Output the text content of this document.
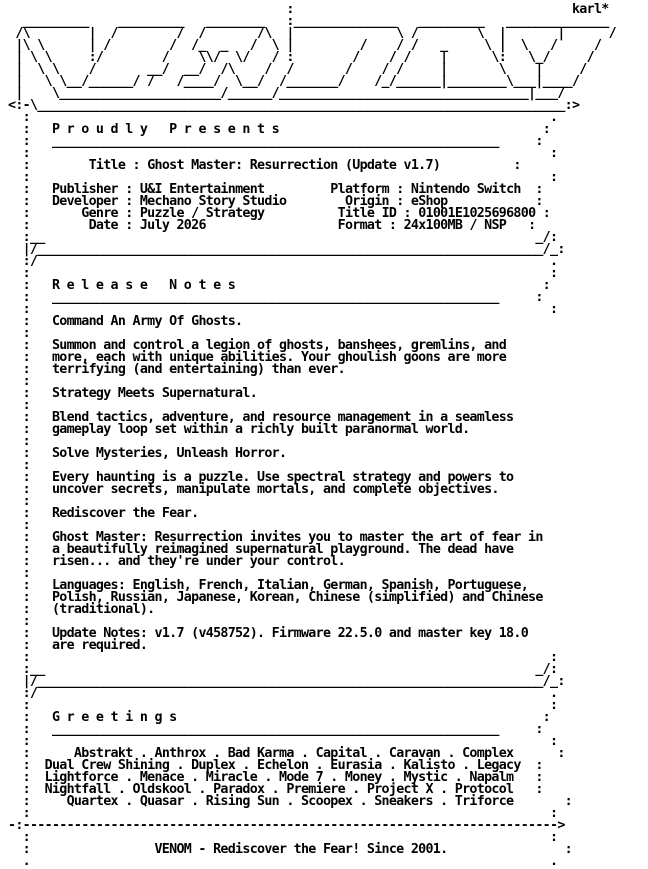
:                                      karl*
_________    _________   ________   :______________   _________   ______________
/\        |  /        /  /       /\  |              \ /        \  |       |      /
|\ \      | /        /  /_  _   /  \ |         /    / /   _     \ |  \   /     /
| \ \     :/        /    \\/  \/   / :        /    / /    |      \:   \_/     /
|  \ \    /       __/  __/  /\    /  /       /    / /     |       \    |     /
|   \ \__/______/ /   /____/  \__/  /_______/    /_/______|________\___|____/
|    \______________________/______/__________________________________|___/
<:-\________________________________________________________________________:>
:                                                                       .
:   P r o u d l y   P r e s e n t s                                    :
:   _____________________________________________________________     :
:                                                                       :
:        Title : Ghost Master: Resurrection (Update v1.7)          :
:                                                                       :
:   Publisher : U&I Entertainment	Platform : Nintendo Switch  :
:   Developer : Mechano Story Studio	Origin : eShop            :
:       Genre : Puzzle / Strategy	Title ID : 01001E1025696800 :
:        Date : July 2026	Format : 24x100MB / NSP   :
:__                                                                   _/:
|/_____________________________________________________________________/_:
:/                                                                      .
:                                                                       :
:   R e l e a s e   N o t e s                                          :
:   _____________________________________________________________     :
:                                                                       :
:   Command An Army Of Ghosts.
:
:   Summon and control a legion of ghosts, banshees, gremlins, and
:   more, each with unique abilities. Your ghoulish goons are more
:   terrifying (and entertaining) than ever.
:
:   Strategy Meets Supernatural.
:
:   Blend tactics, adventure, and resource management in a seamless
:   gameplay loop set within a richly built paranormal world.
:
:   Solve Mysteries, Unleash Horror.
:
:   Every haunting is a puzzle. Use spectral strategy and powers to
:   uncover secrets, manipulate mortals, and complete objectives.
:
:   Rediscover the Fear.
:
:   Ghost Master: Resurrection invites you to master the art of fear in
:   a beautifully reimagined supernatural playground. The dead have
:   risen... and they're under your control.
:
:   Languages: English, French, Italian, German, Spanish, Portuguese,
:   Polish, Russian, Japanese, Korean, Chinese (simplified) and Chinese
:   (traditional).
:
:   Update Notes: v1.7 (v458752). Firmware 22.5.0 and master key 18.0
:   are required.
:                                                                       :
:__                                                                   _/:
|/_____________________________________________________________________/_:
:/                                                                      .
:                                                                       :
:   G r e e t i n g s                                                  :
:   _____________________________________________________________     :
:                                                                       :
:      Abstrakt . Anthrox . Bad Karma . Capital . Caravan . Complex      :
:  Dual Crew Shining . Duplex . Echelon . Eurasia . Kalisto . Legacy  :
:  Lightforce . Menace . Miracle . Mode 7 . Money . Mystic . Napalm   :
:  Nightfall . Oldskool . Paradox . Premiere . Project X . Protocol   :
:     Quartex . Quasar . Rising Sun . Scoopex . Sneakers . Triforce       :
:                                                                       :
-:------------------------------------------------------------------------->
:                                                                       :
:                 VENOM - Rediscover the Fear! Since 2001.                :
.                                                                       .
